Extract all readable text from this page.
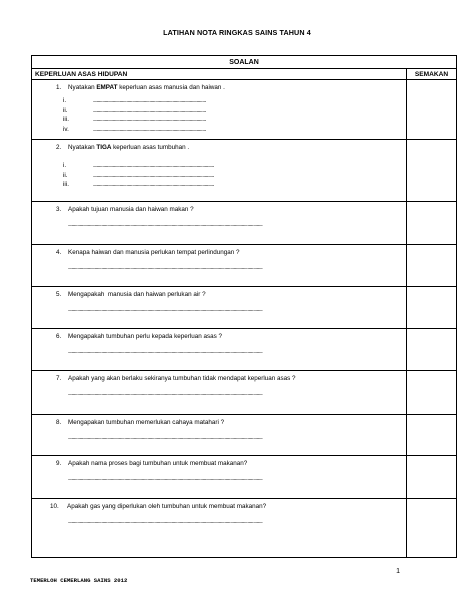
LATIHAN NOTA RINGKAS SAINS TAHUN 4
SOALAN	
KEPERLUAN ASAS HIDUPAN	SEMAKAN

1. Nyatakan EMPAT keperluan asas manusia dan haiwan .
i. ..................................................................................................
ii. ..................................................................................................
iii. ..................................................................................................
iv. ..................................................................................................	

2. Nyatakan TIGA keperluan asas tumbuhan .
i. .........................................................................................................
ii. .........................................................................................................
iii. .........................................................................................................	

3. Apakah tujuan manusia dan haiwan makan ?
.........................................................................................................................................................................	

4. Kenapa haiwan dan manusia perlukan tempat perlindungan ?
.........................................................................................................................................................................	

5. Mengapakah  manusia dan haiwan perlukan air ?
.........................................................................................................................................................................	

6. Mengapakah tumbuhan perlu kepada keperluan asas ?
.........................................................................................................................................................................	

7. Apakah yang akan berlaku sekiranya tumbuhan tidak mendapat keperluan asas ?
.........................................................................................................................................................................	

8. Mengapakan tumbuhan memerlukan cahaya matahari ?
.........................................................................................................................................................................	

9. Apakah nama proses bagi tumbuhan untuk membuat makanan?
.........................................................................................................................................................................	

10. Apakah gas yang diperlukan oleh tumbuhan untuk membuat makanan?
.........................................................................................................................................................................	

1
TEMERLOH CEMERLANG SAINS 2012
